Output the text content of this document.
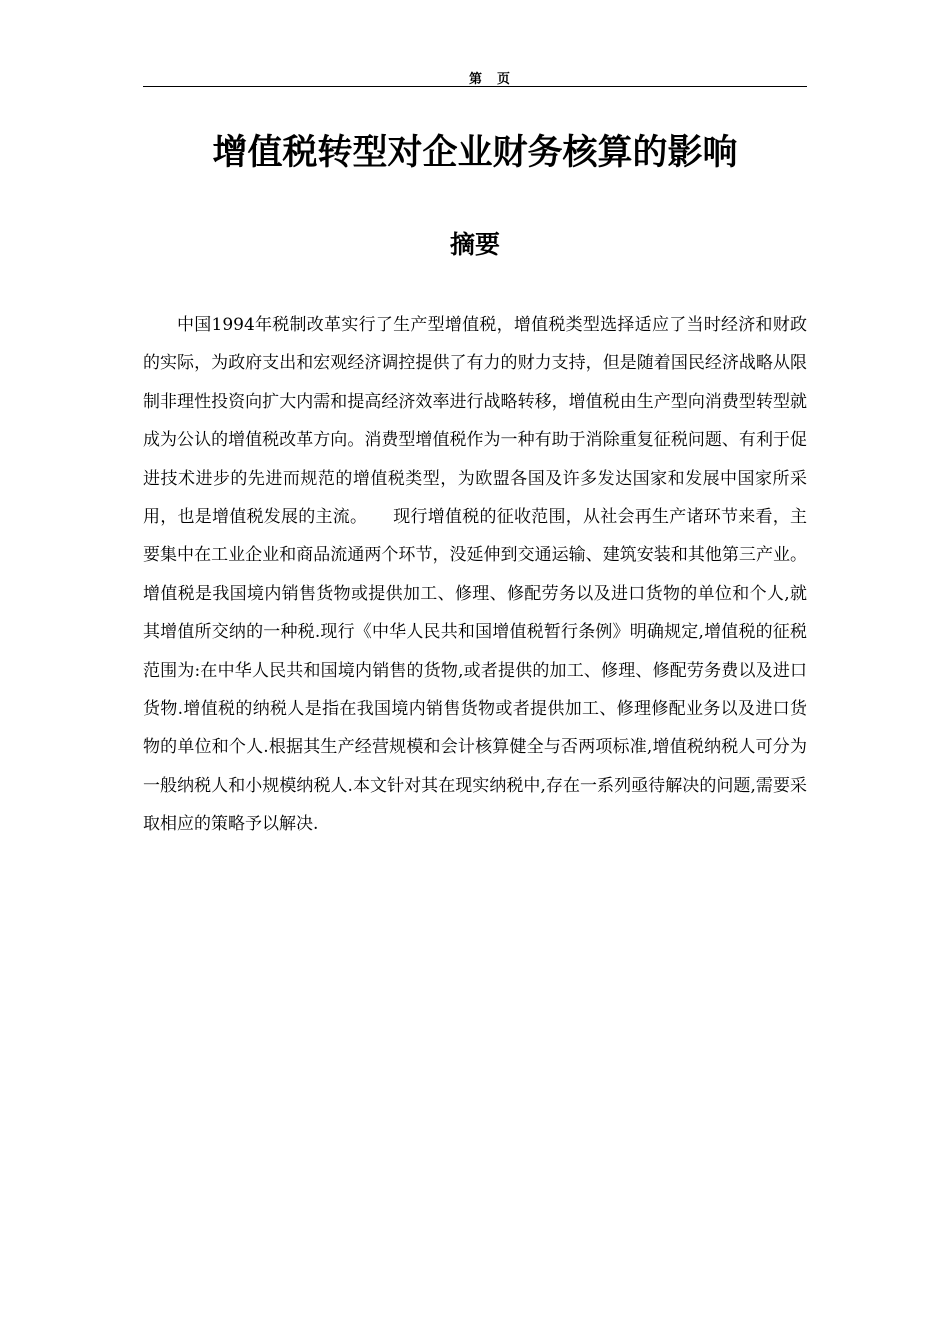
第　页
增值税转型对企业财务核算的影响
摘要

中国1994年税制改革实行了生产型增值税，增值税类型选择适应了当时经济和财政的实际，为政府支出和宏观经济调控提供了有力的财力支持，但是随着国民经济战略从限制非理性投资向扩大内需和提高经济效率进行战略转移，增值税由生产型向消费型转型就成为公认的增值税改革方向。消费型增值税作为一种有助于消除重复征税问题、有利于促进技术进步的先进而规范的增值税类型，为欧盟各国及许多发达国家和发展中国家所采用，也是增值税发展的主流。　　现行增值税的征收范围，从社会再生产诸环节来看，主要集中在工业企业和商品流通两个环节，没延伸到交通运输、建筑安装和其他第三产业。增值税是我国境内销售货物或提供加工、修理、修配劳务以及进口货物的单位和个人,就其增值所交纳的一种税.现行《中华人民共和国增值税暂行条例》明确规定,增值税的征税范围为:在中华人民共和国境内销售的货物,或者提供的加工、修理、修配劳务费以及进口货物.增值税的纳税人是指在我国境内销售货物或者提供加工、修理修配业务以及进口货物的单位和个人.根据其生产经营规模和会计核算健全与否两项标准,增值税纳税人可分为一般纳税人和小规模纳税人.本文针对其在现实纳税中,存在一系列亟待解决的问题,需要采取相应的策略予以解决.
